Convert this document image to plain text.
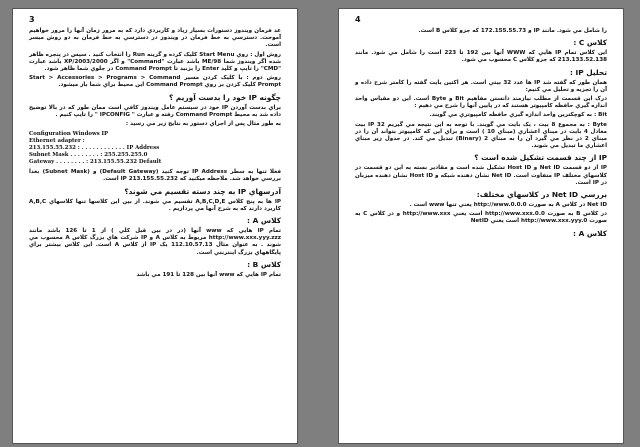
3

عد فرمان ويندوز دستورات بسيار زياد و کاربردي دارد که به مرور زمان آنها را مرور خواهيم آموخت. دسترسي به خط فرمان در ويندوز در دسترسي به خط فرمان به دو روش ميسر است.

روش اول : روي Start Menu کليک کرده و گزينه Run را انتخاب کنيد . سپس در پنجره ظاهر شده اگر ويندوز شما ME/98 باشد عبارت "Command" و اگر XP/2003/2000 باشد عبارت "CMD" را تايپ و کليد Enter را بزنيد تا Command Prompt در جلوي شما ظاهر شود.

روش دوم : با کليک کردن مسير Start > Accessories > Programs > Command Prompt کليک کردن بر روي Command Prompt اين محيط براي شما باز ميشود.

چگونه IP خود را بدست آوريم ؟

براي بدست آوردن IP خود در سيستم عامل ويندوز کافي است ممان طور که در بالا توضيح داده شد به محيط Command Prompt رفته و عبارت " IPCONFIG " را تايپ کنيم .

به طور مثال پس از اجراي دستور به نتايج زير مي رسيد :

Configuration Windows IP

Ethernet adapter :

213.155.55.232 : . . . . . . . . . . . . IP Address

Subnet Mask . . . . . . . . : 255.255.255.0

Gateway . . . . . . . . : 213.155.55.232 Default

فعلا تنها به سطر IP Address توجه کنيد (Default Gateway) و (Subnet Mask) بعدا بررسي خواهد شد. ملاحظه ميکنيد که IP 213.155.55.232 است.

آدرسهاي IP به چند دسته تقسيم مي شوند؟

IP ها به پنج کلاس A,B,C,D,E تقسيم مي شوند. از بين اين کلاسها تنها کلاسهاي A,B,C کاربرد دارند که به شرح آنها مي پردازيم .

کلاس A :

تمام IP هايي که www آنها (در در بين قبل کلي ) از 1 تا 126 باشد مانند http://www.xxx.yyy.zzz مربوط به کلاس A و IP شرکت هاي بزرگ کلاس A محسوب مي شوند . به عنوان مثال 112.10.57.13 يک IP از کلاس A است. اين کلاس بيشتر براي پايگاههاي بزرگ اينترنتي است.

کلاس B :

تمام IP هايي که www آنها بين 128 تا 191 مي باشد

4

را شامل مي شود. مانند IP و 172.155.55.73 که جزو کلاس B است.

کلاس C :

اين کلاس تمام IP هايي که WWW آنها بين 192 تا 223 است را شامل مي شود. مانند 213.133.52.138 که جزو کلاس C محسوب مي شود.

تحليل IP :

همان طور که گفته شد IP ها عدد 32 بيتي است. هر اکتين بايت گفته را کامتر شرح داده و آن را تجزيه و تحليل مي کنيم:

درک اين قسمت از مطلب نيازمند دانستن مفاهيم Bit و Byte است. اين دو مقياس واحد اندازه گيري حافظه کامپيوتر هستند که در پايين آنها را شرح مي دهيم :

Bit : به کوچکترين واحد اندازه گيري حافظه کامپيوتري مي گويند.

Byte : به مجموع 8 بيت ، يک بايت مي گويند. با توجه به اين نتيجه مي گيريم IP 32 بيت معادل 4 بايت در مبناي اعشاري (مبناي 10 ) است و براي اين که کامپيوتر بتواند آن را در مبناي 2 در نظر مي گيرد آن را به مبناي 2 (Binary) تبديل مي کند. در جدول زير مبناي اعشاري ما تبديل مي شوند.

IP از چند قسمت تشکيل شده است ؟

IP از دو قسمت Net ID و Host ID تشکيل شده است و مقادير بسته به اين دو قسمت در کلاسهاي مختلف IP متفاوت است. Net ID نشان دهنده شبکه و Host ID نشان دهنده ميزبان در IP است.

بررسي Net ID در کلاسهاي مختلف:

Net ID در کلاس A به صورت http://www.0.0.0 يعني تنها www است .

در کلاس B به صورت http://www.xxx.0.0 است يعني http://www.xxx و در کلاس C به صورت http://www.xxx.yyy.0 است يعني NetID

کلاس A :
